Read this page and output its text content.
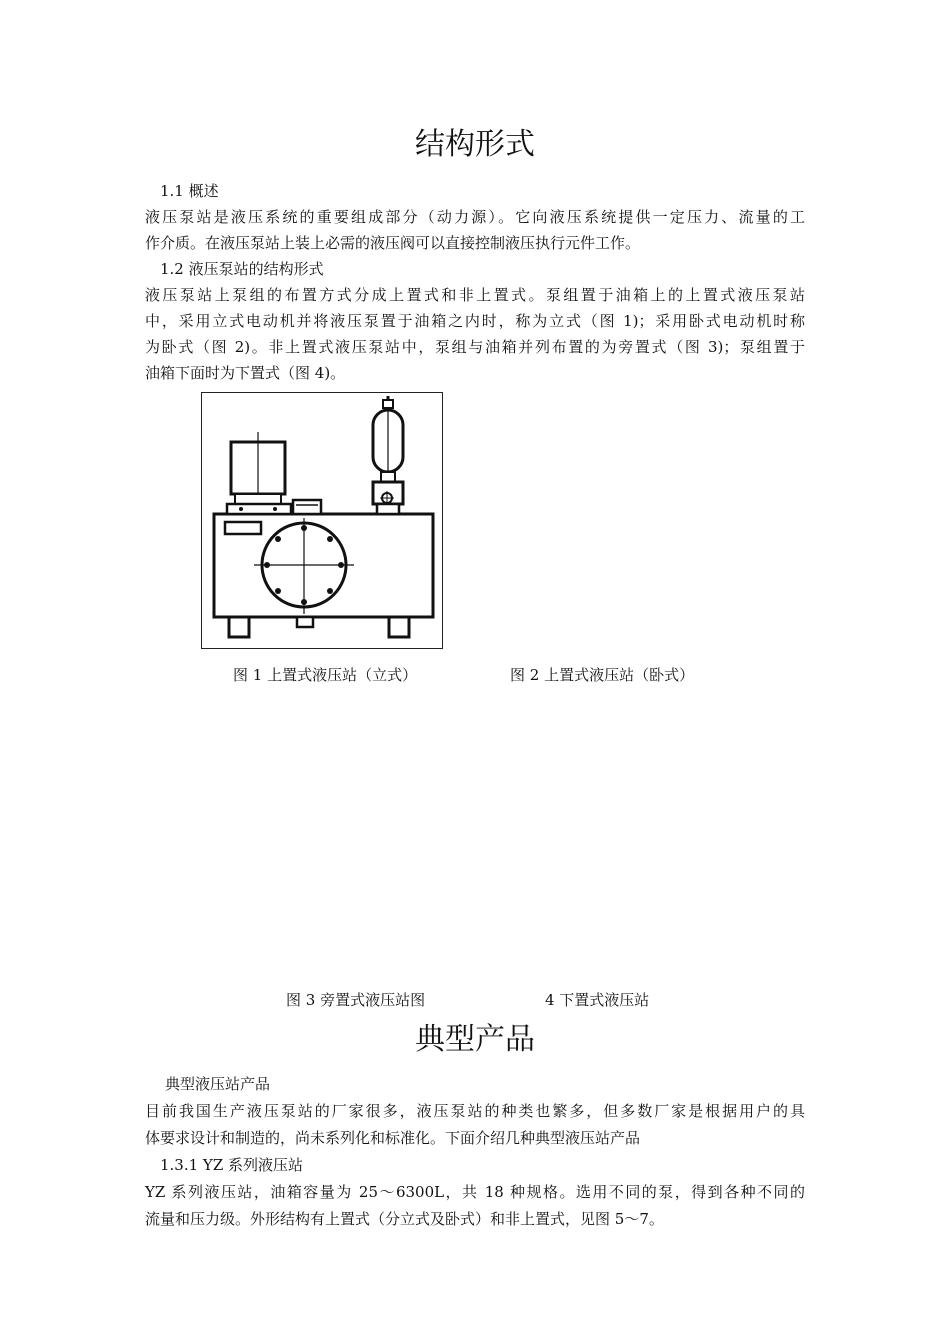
结构形式
1.1 概述
液压泵站是液压系统的重要组成部分（动力源）。它向液压系统提供一定压力、流量的工
作介质。在液压泵站上装上必需的液压阀可以直接控制液压执行元件工作。
1.2 液压泵站的结构形式
液压泵站上泵组的布置方式分成上置式和非上置式。泵组置于油箱上的上置式液压泵站
中，采用立式电动机并将液压泵置于油箱之内时，称为立式（图 1)；采用卧式电动机时称
为卧式（图 2)。非上置式液压泵站中，泵组与油箱并列布置的为旁置式（图 3)；泵组置于
油箱下面时为下置式（图 4)。
图 1 上置式液压站（立式）	图 2 上置式液压站（卧式）
图 3 旁置式液压站图	4 下置式液压站
典型产品
典型液压站产品
目前我国生产液压泵站的厂家很多，液压泵站的种类也繁多，但多数厂家是根据用户的具
体要求设计和制造的，尚未系列化和标准化。下面介绍几种典型液压站产品
1.3.1 YZ 系列液压站
YZ 系列液压站，油箱容量为 25～6300L，共 18 种规格。选用不同的泵，得到各种不同的
流量和压力级。外形结构有上置式（分立式及卧式）和非上置式，见图 5～7。
